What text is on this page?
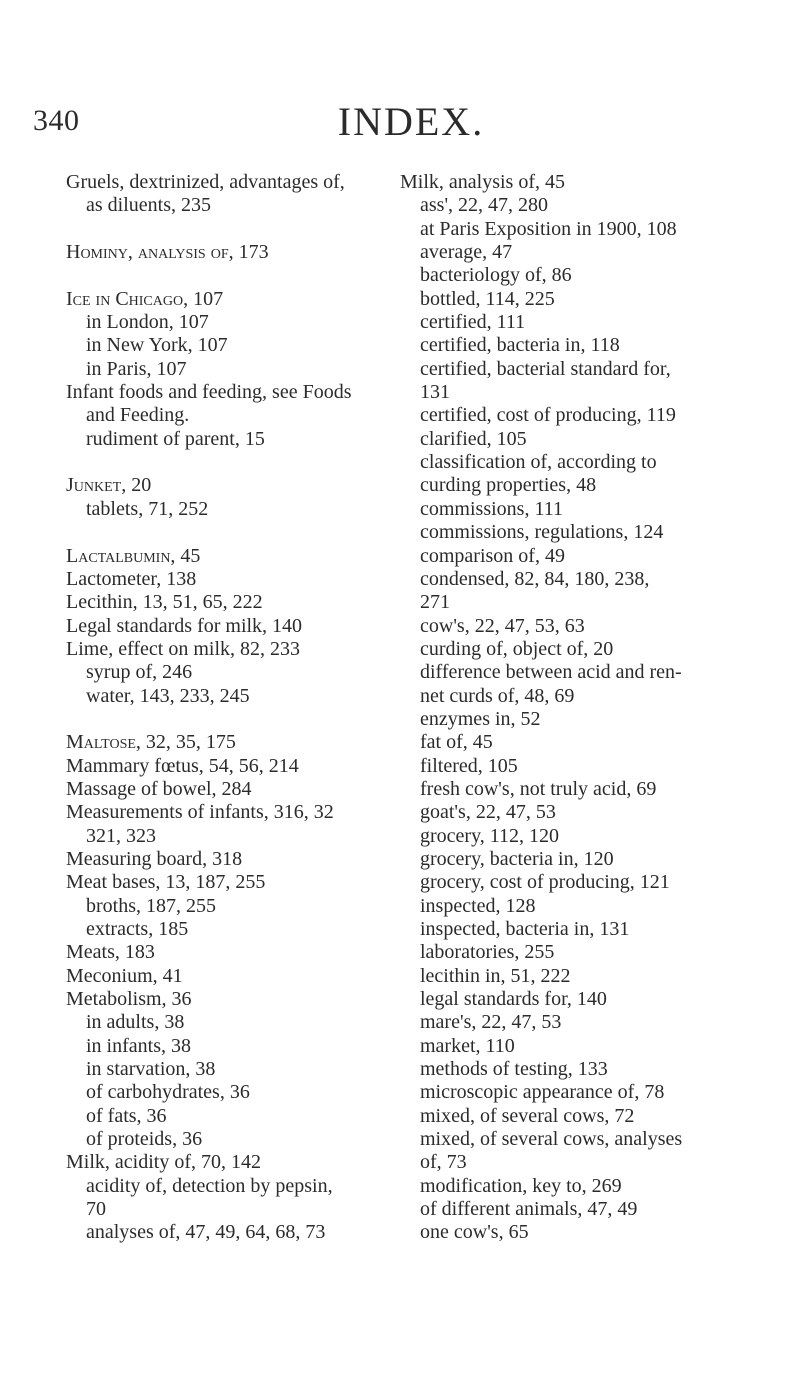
340	INDEX.
Gruels, dextrinized, advantages of,
as diluents, 235
Hominy, analysis of, 173
Ice in Chicago, 107
in London, 107
in New York, 107
in Paris, 107
Infant foods and feeding, see Foods
and Feeding.
rudiment of parent, 15
Junket, 20
tablets, 71, 252
Lactalbumin, 45
Lactometer, 138
Lecithin, 13, 51, 65, 222
Legal standards for milk, 140
Lime, effect on milk, 82, 233
syrup of, 246
water, 143, 233, 245
Maltose, 32, 35, 175
Mammary fœtus, 54, 56, 214
Massage of bowel, 284
Measurements of infants, 316, 32
321, 323
Measuring board, 318
Meat bases, 13, 187, 255
broths, 187, 255
extracts, 185
Meats, 183
Meconium, 41
Metabolism, 36
in adults, 38
in infants, 38
in starvation, 38
of carbohydrates, 36
of fats, 36
of proteids, 36
Milk, acidity of, 70, 142
acidity of, detection by pepsin,
70
analyses of, 47, 49, 64, 68, 73
Milk, analysis of, 45
ass', 22, 47, 280
at Paris Exposition in 1900, 108
average, 47
bacteriology of, 86
bottled, 114, 225
certified, 111
certified, bacteria in, 118
certified, bacterial standard for,
131
certified, cost of producing, 119
clarified, 105
classification of, according to
curding properties, 48
commissions, 111
commissions, regulations, 124
comparison of, 49
condensed, 82, 84, 180, 238,
271
cow's, 22, 47, 53, 63
curding of, object of, 20
difference between acid and ren-
net curds of, 48, 69
enzymes in, 52
fat of, 45
filtered, 105
fresh cow's, not truly acid, 69
goat's, 22, 47, 53
grocery, 112, 120
grocery, bacteria in, 120
grocery, cost of producing, 121
inspected, 128
inspected, bacteria in, 131
laboratories, 255
lecithin in, 51, 222
legal standards for, 140
mare's, 22, 47, 53
market, 110
methods of testing, 133
microscopic appearance of, 78
mixed, of several cows, 72
mixed, of several cows, analyses
of, 73
modification, key to, 269
of different animals, 47, 49
one cow's, 65
